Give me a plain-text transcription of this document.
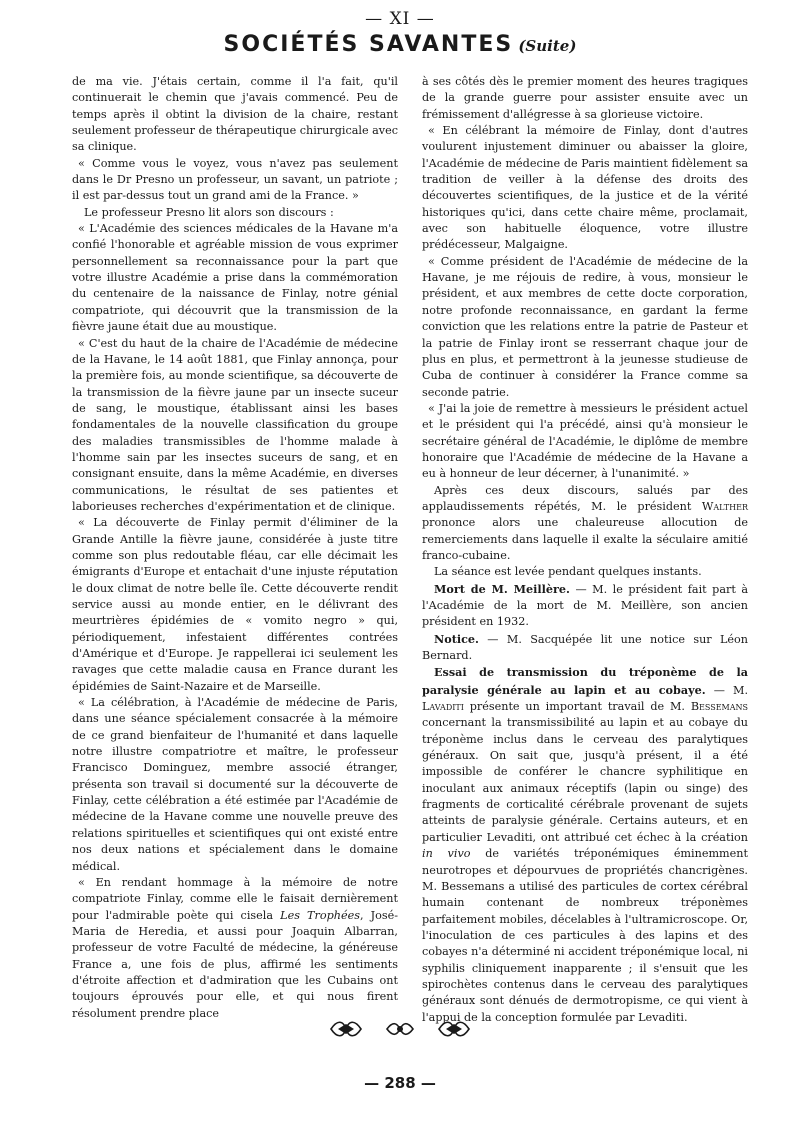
— XI —
SOCIÉTÉS SAVANTES (Suite)

de ma vie. J'étais certain, comme il l'a fait, qu'il continuerait le chemin que j'avais commencé. Peu de temps après il obtint la division de la chaire, restant seulement professeur de thérapeutique chirurgicale avec sa clinique.

« Comme vous le voyez, vous n'avez pas seulement dans le Dr Presno un professeur, un savant, un patriote ; il est par-dessus tout un grand ami de la France. »

Le professeur Presno lit alors son discours :

« L'Académie des sciences médicales de la Havane m'a confié l'honorable et agréable mission de vous exprimer personnellement sa reconnaissance pour la part que votre illustre Académie a prise dans la commémoration du centenaire de la naissance de Finlay, notre génial compatriote, qui découvrit que la transmission de la fièvre jaune était due au moustique.

« C'est du haut de la chaire de l'Académie de médecine de la Havane, le 14 août 1881, que Finlay annonça, pour la première fois, au monde scientifique, sa découverte de la transmission de la fièvre jaune par un insecte suceur de sang, le moustique, établissant ainsi les bases fondamentales de la nouvelle classification du groupe des maladies transmissibles de l'homme malade à l'homme sain par les insectes suceurs de sang, et en consignant ensuite, dans la même Académie, en diverses communications, le résultat de ses patientes et laborieuses recherches d'expérimentation et de clinique.

« La découverte de Finlay permit d'éliminer de la Grande Antille la fièvre jaune, considérée à juste titre comme son plus redoutable fléau, car elle décimait les émigrants d'Europe et entachait d'une injuste réputation le doux climat de notre belle île. Cette découverte rendit service aussi au monde entier, en le délivrant des meurtrières épidémies de « vomito negro » qui, périodiquement, infestaient différentes contrées d'Amérique et d'Europe. Je rappellerai ici seulement les ravages que cette maladie causa en France durant les épidémies de Saint-Nazaire et de Marseille.

« La célébration, à l'Académie de médecine de Paris, dans une séance spécialement consacrée à la mémoire de ce grand bienfaiteur de l'humanité et dans laquelle notre illustre compatriotre et maître, le professeur Francisco Dominguez, membre associé étranger, présenta son travail si documenté sur la découverte de Finlay, cette célébration a été estimée par l'Académie de médecine de la Havane comme une nouvelle preuve des relations spirituelles et scientifiques qui ont existé entre nos deux nations et spécialement dans le domaine médical.

« En rendant hommage à la mémoire de notre compatriote Finlay, comme elle le faisait dernièrement pour l'admirable poète qui cisela Les Trophées, José-Maria de Heredia, et aussi pour Joaquin Albarran, professeur de votre Faculté de médecine, la généreuse France a, une fois de plus, affirmé les sentiments d'étroite affection et d'admiration que les Cubains ont toujours éprouvés pour elle, et qui nous firent résolument prendre place

à ses côtés dès le premier moment des heures tragiques de la grande guerre pour assister ensuite avec un frémissement d'allégresse à sa glorieuse victoire.

« En célébrant la mémoire de Finlay, dont d'autres voulurent injustement diminuer ou abaisser la gloire, l'Académie de médecine de Paris maintient fidèlement sa tradition de veiller à la défense des droits des découvertes scientifiques, de la justice et de la vérité historiques qu'ici, dans cette chaire même, proclamait, avec son habituelle éloquence, votre illustre prédécesseur, Malgaigne.

« Comme président de l'Académie de médecine de la Havane, je me réjouis de redire, à vous, monsieur le président, et aux membres de cette docte corporation, notre profonde reconnaissance, en gardant la ferme conviction que les relations entre la patrie de Pasteur et la patrie de Finlay iront se resserrant chaque jour de plus en plus, et permettront à la jeunesse studieuse de Cuba de continuer à considérer la France comme sa seconde patrie.

« J'ai la joie de remettre à messieurs le président actuel et le président qui l'a précédé, ainsi qu'à monsieur le secrétaire général de l'Académie, le diplôme de membre honoraire que l'Académie de médecine de la Havane a eu à honneur de leur décerner, à l'unanimité. »

Après ces deux discours, salués par des applaudissements répétés, M. le président Walther prononce alors une chaleureuse allocution de remerciements dans laquelle il exalte la séculaire amitié franco-cubaine.

La séance est levée pendant quelques instants.

Mort de M. Meillère. — M. le président fait part à l'Académie de la mort de M. Meillère, son ancien président en 1932.

Notice. — M. Sacquépée lit une notice sur Léon Bernard.

Essai de transmission du tréponème de la paralysie générale au lapin et au cobaye. — M. Lavaditi présente un important travail de M. Bessemans concernant la transmissibilité au lapin et au cobaye du tréponème inclus dans le cerveau des paralytiques généraux. On sait que, jusqu'à présent, il a été impossible de conférer le chancre syphilitique en inoculant aux animaux réceptifs (lapin ou singe) des fragments de corticalité cérébrale provenant de sujets atteints de paralysie générale. Certains auteurs, et en particulier Levaditi, ont attribué cet échec à la création in vivo de variétés tréponémiques éminemment neurotropes et dépourvues de propriétés chancrigènes. M. Bessemans a utilisé des particules de cortex cérébral humain contenant de nombreux tréponèmes parfaitement mobiles, décelables à l'ultramicroscope. Or, l'inoculation de ces particules à des lapins et des cobayes n'a déterminé ni accident tréponémique local, ni syphilis cliniquement inapparente ; il s'ensuit que les spirochètes contenus dans le cerveau des paralytiques généraux sont dénués de dermotropisme, ce qui vient à l'appui de la conception formulée par Levaditi.

— 288 —
